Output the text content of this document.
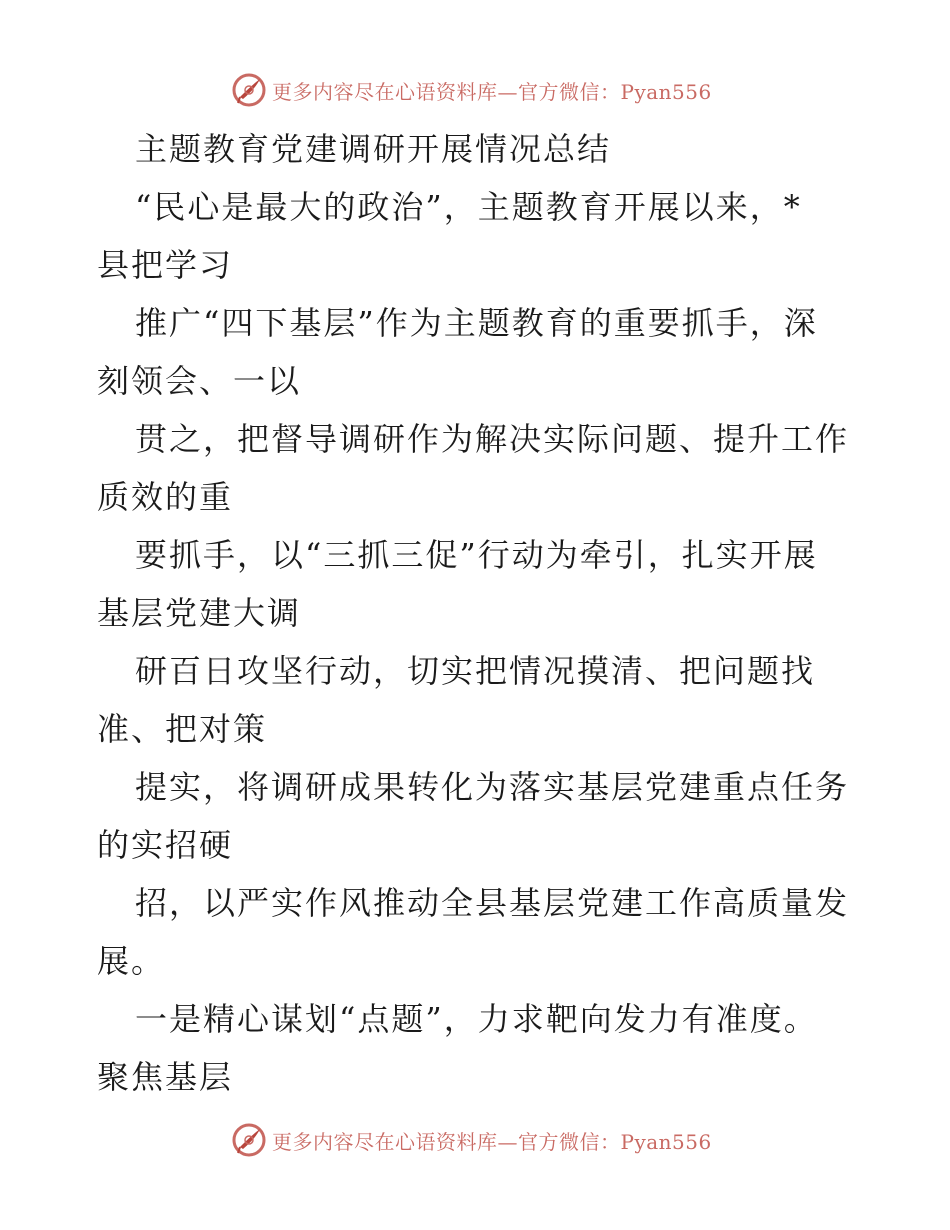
更多内容尽在心语资料库—官方微信：Pyan556
主题教育党建调研开展情况总结
“民心是最大的政治”，主题教育开展以来，*
县把学习
推广“四下基层”作为主题教育的重要抓手，深
刻领会、一以
贯之，把督导调研作为解决实际问题、提升工作
质效的重
要抓手，以“三抓三促”行动为牵引，扎实开展
基层党建大调
研百日攻坚行动，切实把情况摸清、把问题找
准、把对策
提实，将调研成果转化为落实基层党建重点任务
的实招硬
招，以严实作风推动全县基层党建工作高质量发
展。
一是精心谋划“点题”，力求靶向发力有准度。
聚焦基层
更多内容尽在心语资料库—官方微信：Pyan556
